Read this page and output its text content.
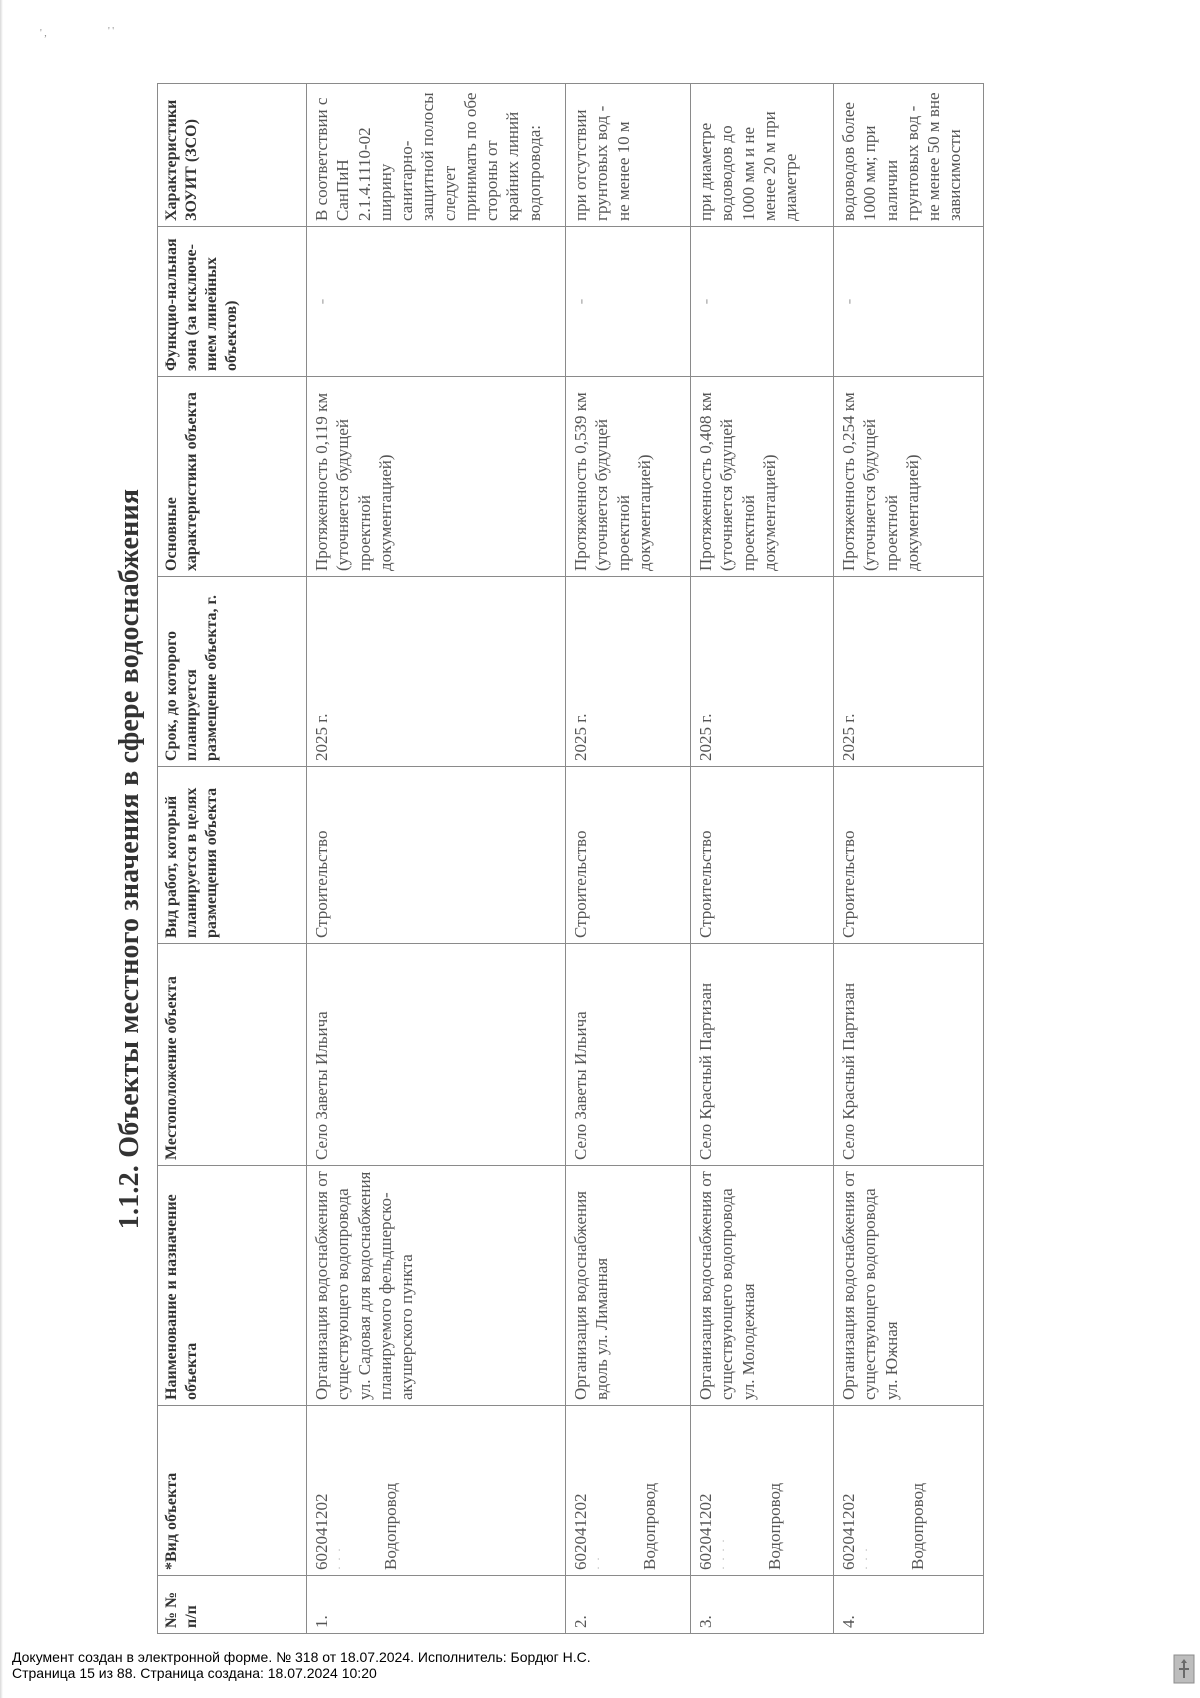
' ,	' '
1.1.2. Объекты местного значения в сфере водоснабжения
№ № п/п	*Вид объекта	Наименование и назначение объекта	Местоположение объекта	Вид работ, который планируется в целях размещения объекта	Срок, до которого планируется размещение объекта, г.	Основные характеристики объекта	Функцио-нальная зона (за исключе-нием линейных объектов)	Характеристики ЗОУИТ (ЗСО)
1.	602041202 · · · Водопровод	Организация водоснабжения от существующего водопровода ул. Садовая для водоснабжения планируемого фельдшерско-акушерского пункта	Село Заветы Ильича	Строительство	2025 г.	Протяженность 0,119 км (уточняется будущей проектной документацией)	-	В соответствии с СанПиН 2.1.4.1110-02 ширину санитарно-защитной полосы следует принимать по обе стороны от крайних линий водопровода:
2.	602041202 · · Водопровод	Организация водоснабжения вдоль ул. Лиманная	Село Заветы Ильича	Строительство	2025 г.	Протяженность 0,539 км (уточняется будущей проектной документацией)	-	при отсутствии грунтовых вод - не менее 10 м
3.	602041202 · · · · Водопровод	Организация водоснабжения от существующего водопровода ул. Молодежная	Село Красный Партизан	Строительство	2025 г.	Протяженность 0,408 км (уточняется будущей проектной документацией)	-	при диаметре водоводов до 1000 мм и не менее 20 м при диаметре
4.	602041202 · · · Водопровод	Организация водоснабжения от существующего водопровода ул. Южная	Село Красный Партизан	Строительство	2025 г.	Протяженность 0,254 км (уточняется будущей проектной документацией)	-	водоводов более 1000 мм; при наличии грунтовых вод - не менее 50 м вне зависимости
Документ создан в электронной форме. № 318 от 18.07.2024. Исполнитель: Бордюг Н.С.
Страница 15 из 88. Страница создана: 18.07.2024 10:20
